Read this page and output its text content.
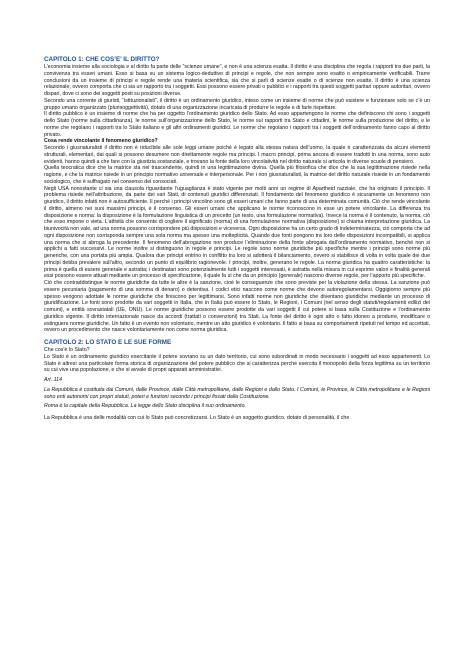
CAPITOLO 1: CHE COS’E’ IL DIRITTO?
L’economia insieme alla sociologia e al diritto fa parte delle “scienze umane”, e non è una scienza esatta. Il diritto è una disciplina che regola i rapporti tra due parti, la convivenza tra esseri umani. Esso si basa su un sistema logico-deduttivo di principi e regole, che non sempre sono esatto o empiricamente verificabili. Trarre conclusioni da un insieme di principi e regole rende una materia scientifica, sia che si parli di scienze esatte o di scienze non esatte. Il diritto è una scienza relazionale, ovvero comporta che ci sia un rapporto tra i soggetti. Essi possono essere privati o pubblici e i rapporti tra questi soggetti paritari oppure autoritari, ovvero dispari, dove ci sono dei soggetti posti su posizioni diverse.
Secondo una corrente di giuristi, “istituzionalisti”, il diritto è un ordinamento giuridico, inteso come un insieme di norme che può esistere e funzionare solo se c’è un gruppo umano organizzato (plurisoggettività), dotato di una organizzazione incaricata di produrre le regole e di farle rispettare.
Il diritto pubblico è un insieme di norme che ha per oggetto l’ordinamento giuridico dello Stato. Ad esso appartengono le norme che definiscono chi sono i soggetti dello Stato (norme sulla cittadinanza), le norme sull’organizzazione dello Stato, le norme sui rapporti tra Stato e cittadini, le norme sulla produzione del diritto, e le norme che regolano i rapporti tra lo Stato italiano e gli altri ordinamenti giuridici. Le norme che regolano i rapporti tra i soggetti dell’ordinamento fanno capo al diritto privato.
Cosa rende vincolante il fenomeno giuridico?
Secondo i giusnaturalisti il diritto non è riducibile alle sole leggi umane poiché è legato alla stessa natura dell’uomo, la quale è caratterizzata da alcuni elementi strutturali, elementari, dai quali si possono desumere non direttamente regole ma principi. I macro principi, prima ancora di essere tradotti in una norma, sono auto evidenti, hanno quindi a che fare con la giustizia sostanziale, e trovano la fonte della loro vincolatività nel diritto naturale si articola in diverse scuole di pensiero.
Quella teocratica dice che la matrice sta nel trascendente, quindi in una legittimazione divina. Quella più filosofica che dice che la sua legittimazione risiede nella ragione, e che la matrice risiede in un principio normativo universale e interpersonale. Per i non giusnaturalisti, la matrice del diritto naturale risiede in un fondamento sociologico, che è suffragato nel consenso dei consociati.
Negli USA nonostante ci sia una clausola riguardante l’uguaglianza è stato vigente per molti anni un regime di Apartheid razziale, che ha originato il principio. Il problema risiede nell’attribuzione, da parte dei vari Stati, di contenuti giuridici differenziati. Il fondamento del fenomeno giuridico è sicuramente un fenomeno non giuridico, il diritto infatti non è autosufficiente. Il perché i principi vincolino sono gli esseri umani che fanno parte di una determinata comunità. Ciò che rende vincolante il diritto, almeno nei suoi massimi principi, è il consenso. Gli esseri umani che applicano le norme riconoscono in esse un potere vincolante. La differenza tra disposizione e norma: la disposizione è la formulazione linguistica di un precetto (un testo, una formulazione normativa). Invece la norma è il contenuto, la norma, ciò che esso impone o vieta. L’attività che consente di cogliere il significato (norma) di una formulazione normativa (disposizione) si chiama interpretazione giuridica. La biunivocità non vale, ad una norma possono corrispondere più disposizioni e viceversa. Ogni disposizione ha un certo grado di indeterminatezza, ciò comporta che ad ogni disposizione non corrisponda sempre una sola norma ma spesso una molteplicità. Quando due fonti pongono tra loro delle disposizioni incompatibili, si applica una norma che si abroga la precedente. Il fenomeno dell’abrogazione non produce l’eliminazione della fonte abrogata dall’ordinamento normativo, benché non si applichi a fatti successivi. Le norme inoltre si distinguono in regole e principi. Le regole sono norme giuridiche più specifiche mentre i principi sono norme più generiche, con una portata più ampia. Qualora due principi entrino in conflitto tra loro si adotterà il bilanciamento, ovvero si stabilisce di volta in volta quale dei due principi debba prevalere sull’altro, secondo un punto di equilibrio ragionevole. I principi, inoltre, generano le regole. La norma giuridica ha quattro caratteristiche: la prima è quella di essere generale e astratta; i destinatari sono potenzialmente tutti i soggetti interessati, è astratta nella misura in cui esprime valori e finalità generali essi possono essere attuati mediante un processo di specificazione, il quale fa sì che da un principio (generale) nascono diverse regole, per l’apporto più specifiche.
Ciò che contraddistingue le norme giuridiche da tutte le altre è la sanzione, cioè le conseguenze che sono previste per la violazione della stessa. La sanzione può essere pecuniaria (pagamento di una somma di denaro) o detentiva. I codici etici nascono come norme che devono autoregolamentarsi. Oggigiorno sempre più spesso vengono adottate le norme giuridiche che finiscono per legittimarsi. Sono infatti norme non giuridiche che diventano giuridiche mediante un processo di giuridificazione. Le fonti sono prodotte da vari soggetti in Italia, che in Italia può essere lo Stato, le Regioni, i Comuni (nel senso degli statuti/regolamenti edilizi dei comuni), e entità sovrastatali (UE, ONU). Le norme giuridiche possono essere prodotte da vari soggetti il cui potere si basa sulla Costituzione e l’ordinamento giuridico vigente. Il diritto internazionale nasce da accordi (trattati o convenzioni) tra Stati. La fonte del diritto è ogni atto o fatto idoneo a produrre, modificare o estinguere norme giuridiche. Un fatto è un evento non volontario, mentre un atto giuridico è volontario. Il fatto si basa su comportamenti ripetuti nel tempo ed accettati, ovvero un procedimento che nasce volontariamente non come norma giuridica.
CAPITOLO 2: LO STATO E LE SUE FORME
Che cos’è lo Stato?
Lo Stato è un ordinamento giuridico esercitante il potere sovrano su un dato territorio, cui sono subordinati in modo necessario i soggetti ad esso appartenenti. Lo Stato è altresì una particolare forma storica di organizzazione del potere pubblico che si caratterizza perché esercita il monopolio della forza legittima su un territorio su cui vive una popolazione, e che si avvale di propri apparati amministrativi.
Art. 114
La Repubblica è costituita dai Comuni, dalle Province, dalle Città metropolitane, dalle Regioni e dallo Stato. I Comuni, le Province, le Città metropolitane e le Regioni sono enti autonomi con propri statuti, poteri e funzioni secondo i principi fissati dalla Costituzione.
Roma è la capitale della Repubblica. La legge dello Stato disciplina il suo ordinamento.
La Repubblica è una delle modalità con cui lo Stato può concretizzarsi. Lo Stato è un soggetto giuridico, dotato di personalità, il che
